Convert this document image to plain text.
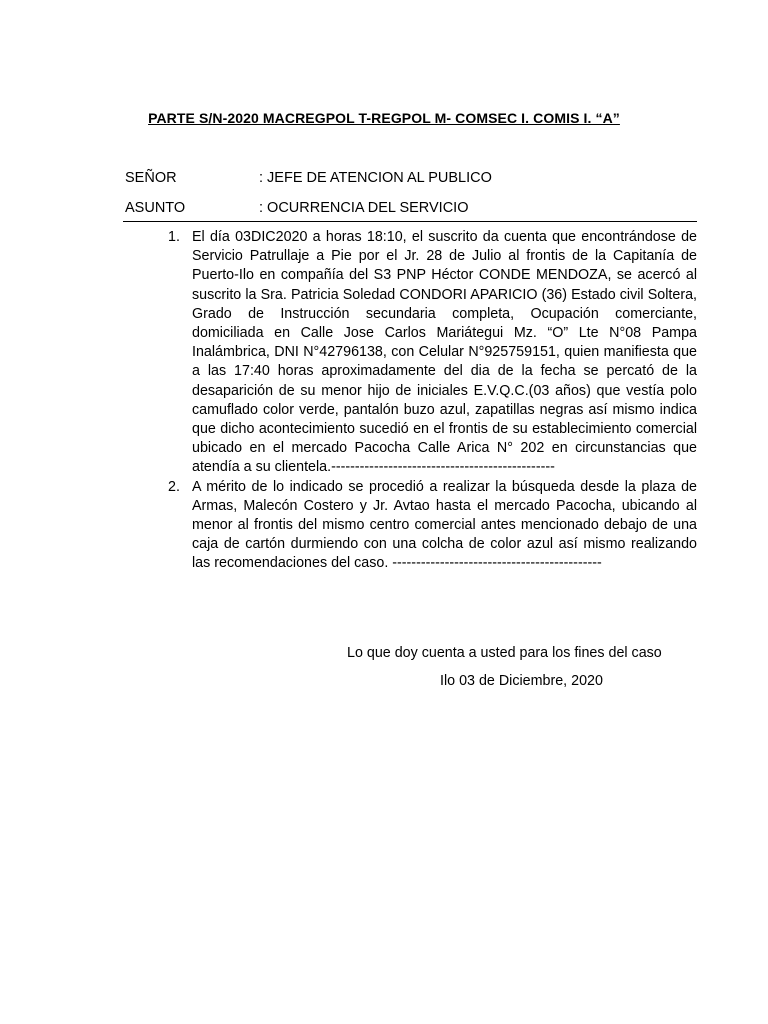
PARTE S/N-2020 MACREGPOL T-REGPOL M- COMSEC I. COMIS I. “A”
SEÑOR	: JEFE DE ATENCION AL PUBLICO
ASUNTO	: OCURRENCIA DEL SERVICIO
1. El día 03DIC2020 a horas 18:10, el suscrito da cuenta que encontrándose de Servicio Patrullaje a Pie por el Jr. 28 de Julio al frontis de la Capitanía de Puerto-Ilo en compañía del S3 PNP Héctor CONDE MENDOZA, se acercó al suscrito la Sra. Patricia Soledad CONDORI APARICIO (36) Estado civil Soltera, Grado de Instrucción secundaria completa, Ocupación comerciante, domiciliada en Calle Jose Carlos Mariátegui Mz. “O” Lte N°08 Pampa Inalámbrica, DNI N°42796138, con Celular N°925759151, quien manifiesta que a las 17:40 horas aproximadamente del dia de la fecha se percató de la desaparición de su menor hijo de iniciales E.V.Q.C.(03 años) que vestía polo camuflado color verde, pantalón buzo azul, zapatillas negras así mismo indica que dicho acontecimiento sucedió en el frontis de su establecimiento comercial ubicado en el mercado Pacocha Calle Arica N° 202 en circunstancias que atendía a su clientela.-----------------------------------------------
2. A mérito de lo indicado se procedió a realizar la búsqueda desde la plaza de Armas, Malecón Costero y Jr. Avtao hasta el mercado Pacocha, ubicando al menor al frontis del mismo centro comercial antes mencionado debajo de una caja de cartón durmiendo con una colcha de color azul así mismo realizando las recomendaciones del caso. --------------------------------------------
Lo que doy cuenta a usted para los fines del caso
Ilo 03 de Diciembre, 2020
